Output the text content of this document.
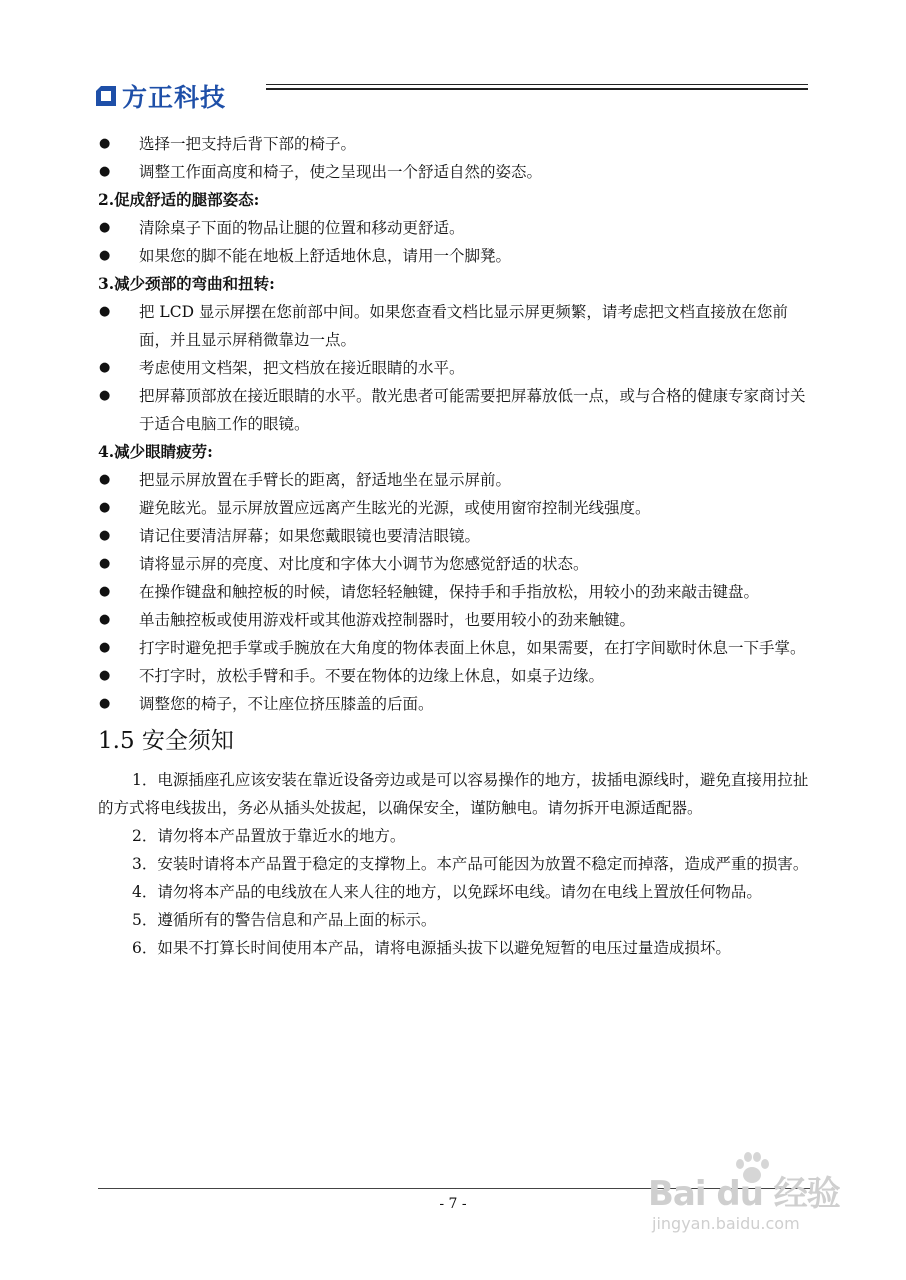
方正科技
● 选择一把支持后背下部的椅子。
● 调整工作面高度和椅子，使之呈现出一个舒适自然的姿态。
2.促成舒适的腿部姿态:
● 清除桌子下面的物品让腿的位置和移动更舒适。
● 如果您的脚不能在地板上舒适地休息，请用一个脚凳。
3.减少颈部的弯曲和扭转:
● 把 LCD 显示屏摆在您前部中间。如果您查看文档比显示屏更频繁，请考虑把文档直接放在您前面，并且显示屏稍微靠边一点。
● 考虑使用文档架，把文档放在接近眼睛的水平。
● 把屏幕顶部放在接近眼睛的水平。散光患者可能需要把屏幕放低一点，或与合格的健康专家商讨关于适合电脑工作的眼镜。
4.减少眼睛疲劳:
● 把显示屏放置在手臂长的距离，舒适地坐在显示屏前。
● 避免眩光。显示屏放置应远离产生眩光的光源，或使用窗帘控制光线强度。
● 请记住要清洁屏幕；如果您戴眼镜也要清洁眼镜。
● 请将显示屏的亮度、对比度和字体大小调节为您感觉舒适的状态。
● 在操作键盘和触控板的时候，请您轻轻触键，保持手和手指放松，用较小的劲来敲击键盘。
● 单击触控板或使用游戏杆或其他游戏控制器时，也要用较小的劲来触键。
● 打字时避免把手掌或手腕放在大角度的物体表面上休息，如果需要，在打字间歇时休息一下手掌。
● 不打字时，放松手臂和手。不要在物体的边缘上休息，如桌子边缘。
● 调整您的椅子，不让座位挤压膝盖的后面。
1.5 安全须知
1．电源插座孔应该安装在靠近设备旁边或是可以容易操作的地方，拔插电源线时，避免直接用拉扯的方式将电线拔出，务必从插头处拔起，以确保安全，谨防触电。请勿拆开电源适配器。
2．请勿将本产品置放于靠近水的地方。
3．安装时请将本产品置于稳定的支撑物上。本产品可能因为放置不稳定而掉落，造成严重的损害。
4．请勿将本产品的电线放在人来人往的地方，以免踩坏电线。请勿在电线上置放任何物品。
5．遵循所有的警告信息和产品上面的标示。
6．如果不打算长时间使用本产品，请将电源插头拔下以避免短暂的电压过量造成损坏。
- 7 -	Bai du 经验
jingyan.baidu.com
